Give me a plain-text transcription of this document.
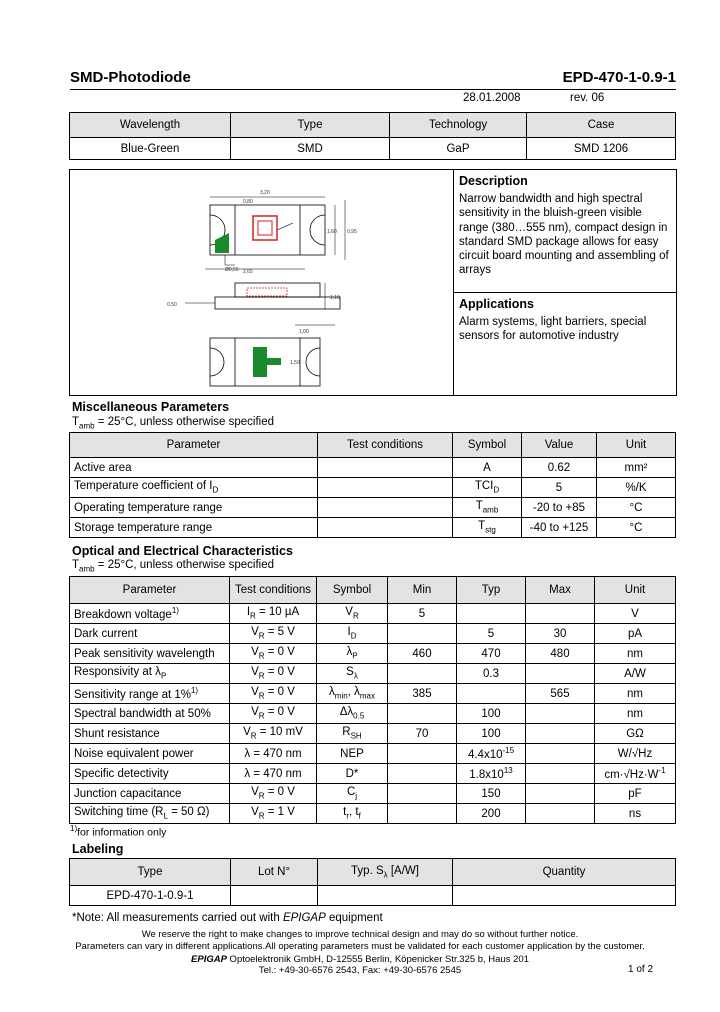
SMD-Photodiode	EPD-470-1-0.9-1
28.01.2008	rev. 06
Wavelength	Type	Technology	Case
Blue-Green	SMD	GaP	SMD 1206
3,20
0,80
1,60 0,95
Ø0,55 2,65
0,50
1,10
1,00
1,50
Description
Narrow bandwidth and high spectral sensitivity in the bluish-green visible range (380…555 nm), compact design in standard SMD package allows for easy circuit board mounting and assembling of arrays
Applications
Alarm systems, light barriers, special sensors for automotive industry
Miscellaneous Parameters
$T_{amb} = 25^\circ C$, unless otherwise specified
Parameter	Test conditions	Symbol	Value	Unit
Active area		A	0.62	mm²
Temperature coefficient of $I_D$		$TCI_D$	5	%/K
Operating temperature range		$T_{amb}$	-20 to +85	°C
Storage temperature range		$T_{stg}$	-40 to +125	°C
Optical and Electrical Characteristics
$T_{amb} = 25^\circ C$, unless otherwise specified
Parameter	Test conditions	Symbol	Min	Typ	Max	Unit
Breakdown voltage$^{1)}$	$I_R = 10$ µA	$V_R$	5			V
Dark current	$V_R = 5$ V	$I_D$		5	30	pA
Peak sensitivity wavelength	$V_R = 0$ V	$\lambda_P$	460	470	480	nm
Responsivity at $\lambda_P$	$V_R = 0$ V	$S_\lambda$		0.3		A/W
Sensitivity range at 1%$^{1)}$	$V_R = 0$ V	$\lambda_{min}$, $\lambda_{max}$	385		565	nm
Spectral bandwidth at 50%	$V_R = 0$ V	$\Delta\lambda_{0.5}$		100		nm
Shunt resistance	$V_R = 10$ mV	$R_{SH}$	70	100		GΩ
Noise equivalent power	λ = 470 nm	NEP		$4.4x10^{-15}$		W/√Hz
Specific detectivity	λ = 470 nm	D*		$1.8x10^{13}$		$cm\cdot√Hz\cdot W^{-1}$
Junction capacitance	$V_R = 0$ V	$C_j$		150		pF
Switching time ($R_L = 50$ Ω)	$V_R = 1$ V	$t_r$, $t_f$		200		ns
$^{1)}$for information only
Labeling
Type	Lot N°	Typ. $S_\lambda$ [A/W]	Quantity
EPD-470-1-0.9-1			
*Note: All measurements carried out with EPIGAP equipment
We reserve the right to make changes to improve technical design and may do so without further notice.
Parameters can vary in different applications.All operating parameters must be validated for each customer application by the customer.
EPIGAP Optoelektronik GmbH, D-12555 Berlin, Köpenicker Str.325 b, Haus 201
Tel.: +49-30-6576 2543, Fax: +49-30-6576 2545	1 of 2
